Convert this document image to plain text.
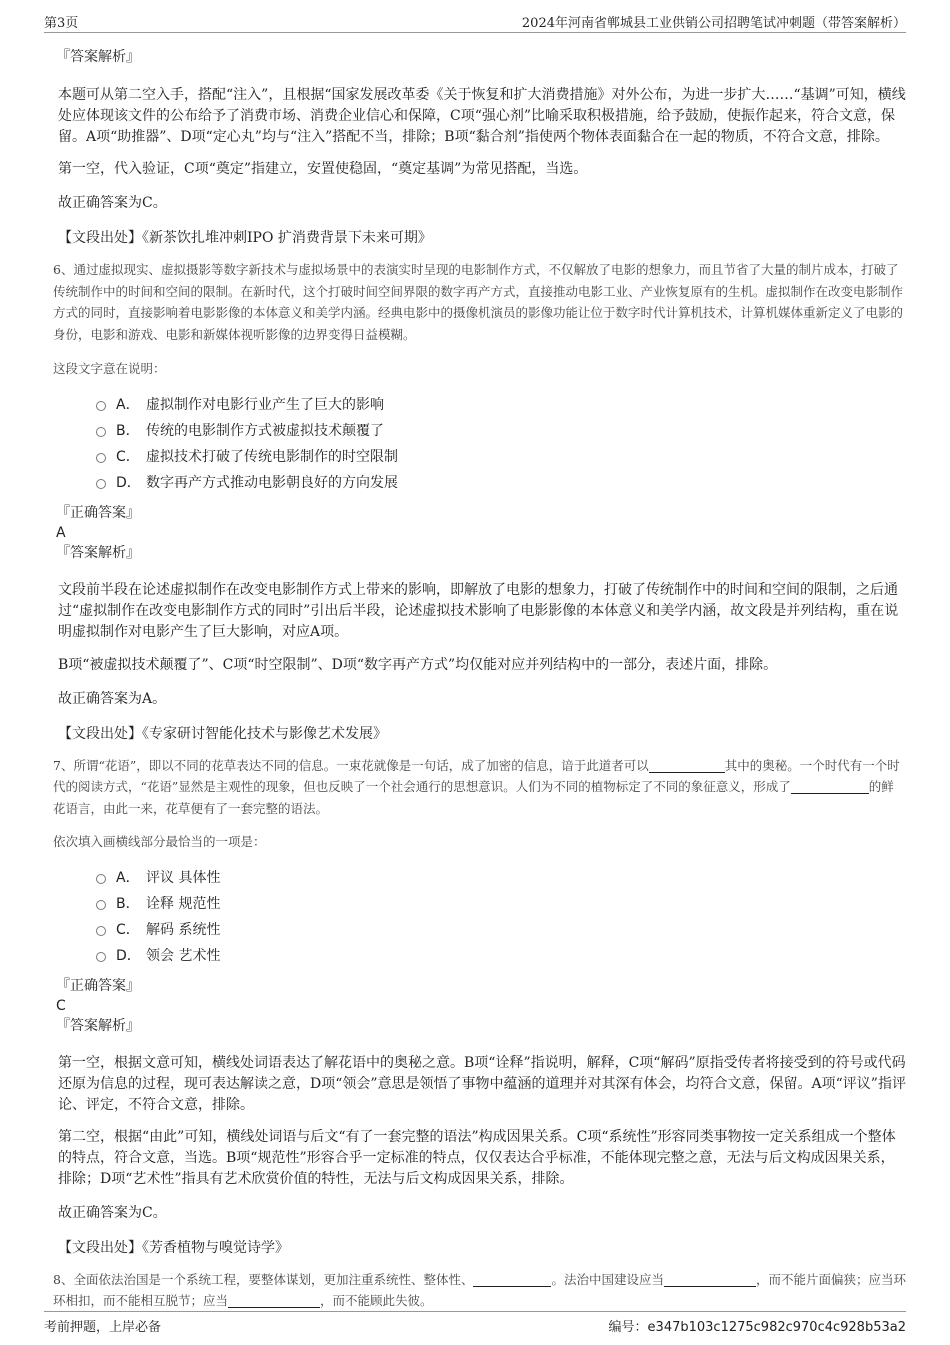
第3页	2024年河南省郸城县工业供销公司招聘笔试冲刺题（带答案解析）

『答案解析』

本题可从第二空入手，搭配“注入”，且根据“国家发展改革委《关于恢复和扩大消费措施》对外公布，为进一步扩大……“基调”可知，横线处应体现该文件的公布给予了消费市场、消费企业信心和保障，C项“强心剂”比喻采取积极措施，给予鼓励，使振作起来，符合文意，保留。A项“助推器”、D项“定心丸”均与“注入”搭配不当，排除；B项“黏合剂”指使两个物体表面黏合在一起的物质，不符合文意，排除。

第一空，代入验证，C项“奠定”指建立，安置使稳固，“奠定基调”为常见搭配，当选。

故正确答案为C。

【文段出处】《新茶饮扎堆冲刺IPO 扩消费背景下未来可期》

6、通过虚拟现实、虚拟摄影等数字新技术与虚拟场景中的表演实时呈现的电影制作方式，不仅解放了电影的想象力，而且节省了大量的制片成本，打破了传统制作中的时间和空间的限制。在新时代，这个打破时间空间界限的数字再产方式，直接推动电影工业、产业恢复原有的生机。虚拟制作在改变电影制作方式的同时，直接影响着电影影像的本体意义和美学内涵。经典电影中的摄像机演员的影像功能让位于数字时代计算机技术，计算机媒体重新定义了电影的身份，电影和游戏、电影和新媒体视听影像的边界变得日益模糊。

这段文字意在说明：

A． 虚拟制作对电影行业产生了巨大的影响
B． 传统的电影制作方式被虚拟技术颠覆了
C． 虚拟技术打破了传统电影制作的时空限制
D． 数字再产方式推动电影朝良好的方向发展

『正确答案』

A

『答案解析』

文段前半段在论述虚拟制作在改变电影制作方式上带来的影响，即解放了电影的想象力，打破了传统制作中的时间和空间的限制，之后通过“虚拟制作在改变电影制作方式的同时”引出后半段，论述虚拟技术影响了电影影像的本体意义和美学内涵，故文段是并列结构，重在说明虚拟制作对电影产生了巨大影响，对应A项。

B项“被虚拟技术颠覆了”、C项“时空限制”、D项“数字再产方式”均仅能对应并列结构中的一部分，表述片面，排除。

故正确答案为A。

【文段出处】《专家研讨智能化技术与影像艺术发展》

7、所谓“花语”，即以不同的花草表达不同的信息。一束花就像是一句话，成了加密的信息，谙于此道者可以	其中的奥秘。一个时代有一个时代的阅读方式，“花语”显然是主观性的现象，但也反映了一个社会通行的思想意识。人们为不同的植物标定了不同的象征意义，形成了	的鲜花语言，由此一来，花草便有了一套完整的语法。

依次填入画横线部分最恰当的一项是：

A． 评议 具体性
B． 诠释 规范性
C． 解码 系统性
D． 领会 艺术性

『正确答案』

C

『答案解析』

第一空，根据文意可知，横线处词语表达了解花语中的奥秘之意。B项“诠释”指说明，解释，C项“解码”原指受传者将接受到的符号或代码还原为信息的过程，现可表达解读之意，D项“领会”意思是领悟了事物中蕴涵的道理并对其深有体会，均符合文意，保留。A项“评议”指评论、评定，不符合文意，排除。

第二空，根据“由此”可知，横线处词语与后文“有了一套完整的语法”构成因果关系。C项“系统性”形容同类事物按一定关系组成一个整体的特点，符合文意，当选。B项“规范性”形容合乎一定标准的特点，仅仅表达合乎标准，不能体现完整之意，无法与后文构成因果关系，排除；D项“艺术性”指具有艺术欣赏价值的特性，无法与后文构成因果关系，排除。

故正确答案为C。

【文段出处】《芳香植物与嗅觉诗学》

8、全面依法治国是一个系统工程，要整体谋划，更加注重系统性、整体性、	。法治中国建设应当	，而不能片面偏狭；应当环环相扣，而不能相互脱节；应当	，而不能顾此失彼。

考前押题，上岸必备	编号：e347b103c1275c982c970c4c928b53a2
